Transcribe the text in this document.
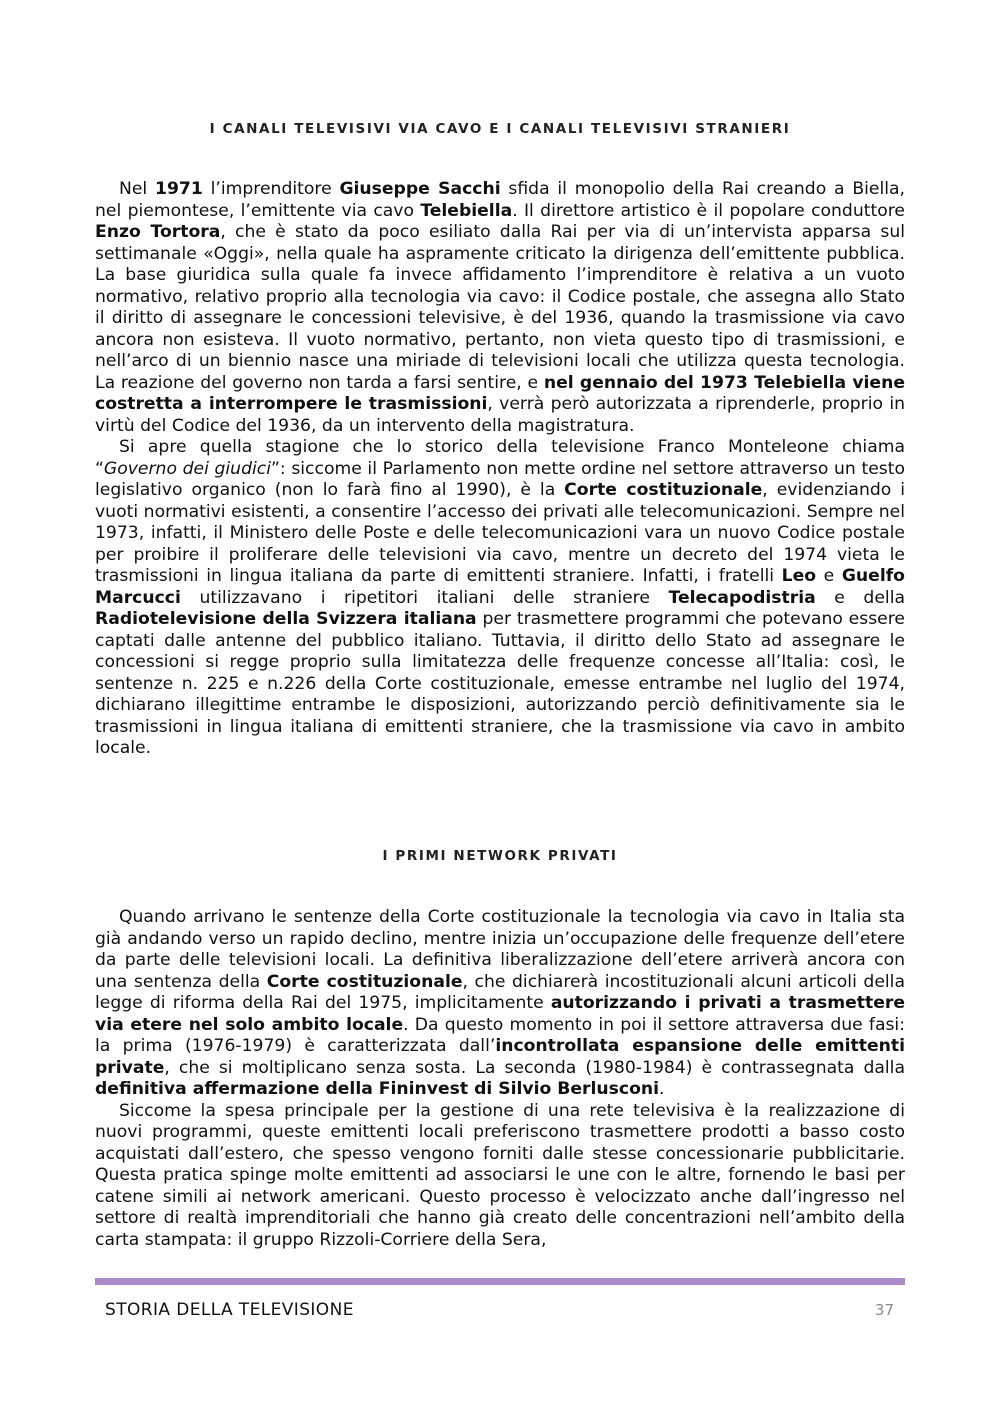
I CANALI TELEVISIVI VIA CAVO E I CANALI TELEVISIVI STRANIERI

Nel 1971 l’imprenditore Giuseppe Sacchi sfida il monopolio della Rai creando a Biella, nel piemontese, l’emittente via cavo Telebiella. Il direttore artistico è il popolare conduttore Enzo Tortora, che è stato da poco esiliato dalla Rai per via di un’intervista apparsa sul settimanale «Oggi», nella quale ha aspramente criticato la dirigenza dell’emittente pubblica. La base giuridica sulla quale fa invece affidamento l’imprenditore è relativa a un vuoto normativo, relativo proprio alla tecnologia via cavo: il Codice postale, che assegna allo Stato il diritto di assegnare le concessioni televisive, è del 1936, quando la trasmissione via cavo ancora non esisteva. Il vuoto normativo, pertanto, non vieta questo tipo di trasmissioni, e nell’arco di un biennio nasce una miriade di televisioni locali che utilizza questa tecnologia. La reazione del governo non tarda a farsi sentire, e nel gennaio del 1973 Telebiella viene costretta a interrompere le trasmissioni, verrà però autorizzata a riprenderle, proprio in virtù del Codice del 1936, da un intervento della magistratura.

Si apre quella stagione che lo storico della televisione Franco Monteleone chiama “Governo dei giudici”: siccome il Parlamento non mette ordine nel settore attraverso un testo legislativo organico (non lo farà fino al 1990), è la Corte costituzionale, evidenziando i vuoti normativi esistenti, a consentire l’accesso dei privati alle telecomunicazioni. Sempre nel 1973, infatti, il Ministero delle Poste e delle telecomunicazioni vara un nuovo Codice postale per proibire il proliferare delle televisioni via cavo, mentre un decreto del 1974 vieta le trasmissioni in lingua italiana da parte di emittenti straniere. Infatti, i fratelli Leo e Guelfo Marcucci utilizzavano i ripetitori italiani delle straniere Telecapodistria e della Radiotelevisione della Svizzera italiana per trasmettere programmi che potevano essere captati dalle antenne del pubblico italiano. Tuttavia, il diritto dello Stato ad assegnare le concessioni si regge proprio sulla limitatezza delle frequenze concesse all’Italia: così, le sentenze n. 225 e n.226 della Corte costituzionale, emesse entrambe nel luglio del 1974, dichiarano illegittime entrambe le disposizioni, autorizzando perciò definitivamente sia le trasmissioni in lingua italiana di emittenti straniere, che la trasmissione via cavo in ambito locale.

I PRIMI NETWORK PRIVATI

Quando arrivano le sentenze della Corte costituzionale la tecnologia via cavo in Italia sta già andando verso un rapido declino, mentre inizia un’occupazione delle frequenze dell’etere da parte delle televisioni locali. La definitiva liberalizzazione dell’etere arriverà ancora con una sentenza della Corte costituzionale, che dichiarerà incostituzionali alcuni articoli della legge di riforma della Rai del 1975, implicitamente autorizzando i privati a trasmettere via etere nel solo ambito locale. Da questo momento in poi il settore attraversa due fasi: la prima (1976-1979) è caratterizzata dall’incontrollata espansione delle emittenti private, che si moltiplicano senza sosta. La seconda (1980-1984) è contrassegnata dalla definitiva affermazione della Fininvest di Silvio Berlusconi.

Siccome la spesa principale per la gestione di una rete televisiva è la realizzazione di nuovi programmi, queste emittenti locali preferiscono trasmettere prodotti a basso costo acquistati dall’estero, che spesso vengono forniti dalle stesse concessionarie pubblicitarie. Questa pratica spinge molte emittenti ad associarsi le une con le altre, fornendo le basi per catene simili ai network americani. Questo processo è velocizzato anche dall’ingresso nel settore di realtà imprenditoriali che hanno già creato delle concentrazioni nell’ambito della carta stampata: il gruppo Rizzoli-Corriere della Sera,

STORIA DELLA TELEVISIONE	37
